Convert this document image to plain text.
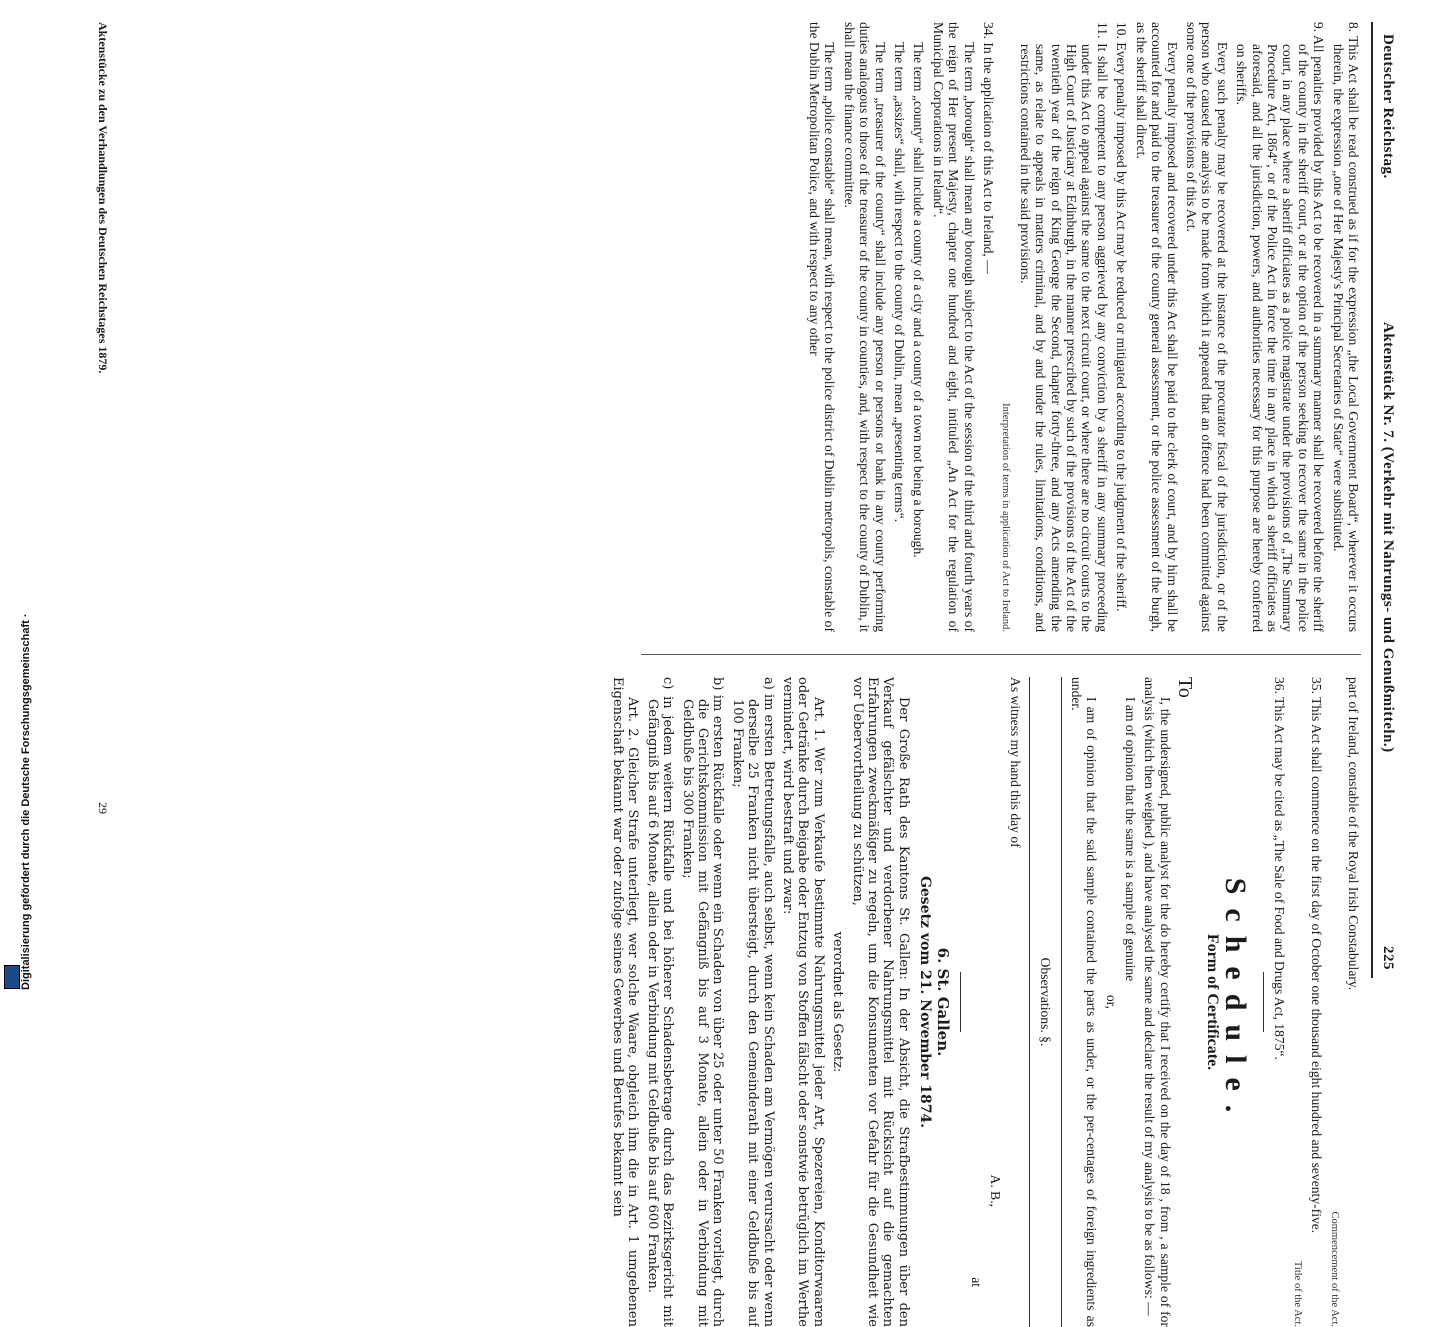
Digitalisierung gefördert durch die Deutsche Forschungsgemeinschaft ·
Deutscher Reichstag.
Aktenstück Nr. 7. (Verkehr mit Nahrungs- und Genußmitteln.)
225

8. This Act shall be read construed as if for the expression „the Local Government Board“, wherever it occurs therein, the expression „one of Her Majesty's Principal Secretaries of State“ were substituted.

9. All penalties provided by this Act to be recovered in a summary manner shall be recovered before the sheriff of the county in the sheriff court, or at the option of the person seeking to recover the same in the police court, in any place where a sheriff officiates as a police magistrate under the provisions of „The Summary Procedure Act, 1864“, or of the Police Act in force the time in any place in which a sheriff officiates as aforesaid, and all the jurisdiction, powers, and authorities necessary for this purpose are hereby conferred on sheriffs.

Every such penalty may be recovered at the instance of the procurator fiscal of the jurisdiction, or of the person who caused the analysis to be made from which it appeared that an offence had been committed against some one of the provisions of this Act.

Every penalty imposed and recovered under this Act shall be paid to the clerk of court, and by him shall be accounted for and paid to the treasurer of the county general assessment, or the police assessment of the burgh, as the sheriff shall direct.

10. Every penalty imposed by this Act may be reduced or mitigated according to the judgment of the sheriff.

11. It shall be competent to any person aggrieved by any conviction by a sheriff in any summary proceeding under this Act to appeal against the same to the next circuit court, or where there are no circuit courts to the High Court of Justiciary at Edinburgh, in the manner prescribed by such of the provisions of the Act of the twentieth year of the reign of King George the Second, chapter forty-three, and any Acts amending the same, as relate to appeals in matters criminal, and by and under the rules, limitations, conditions, and restrictions contained in the said provisions.

Interpretation of terms in application of Act to Ireland.

34. In the application of this Act to Ireland, —

The term „borough“ shall mean any borough subject to the Act of the session of the third and fourth years of the reign of Her present Majesty, chapter one hundred and eight, intituled „An Act for the regulation of Municipal Corporations in Ireland“.

The term „county“ shall include a county of a city and a county of a town not being a borough.

The term „assizes“ shall, with respect to the county of Dublin, mean „presenting terms“.

The term „treasurer of the county“ shall include any person or persons or bank in any county performing duties analogous to those of the treasurer of the county in counties, and, with respect to the county of Dublin, it shall mean the finance committee.

The term „police constable“ shall mean, with respect to the police district of Dublin metropolis, constable of the Dublin Metropolitan Police, and with respect to any other

part of Ireland, constable of the Royal Irish Constabulary.

Commencement of the Act.

35. This Act shall commence on the first day of October one thousand eight hundred and seventy-five.

Title of the Act.

36. This Act may be cited as „The Sale of Food and Drugs Act, 1875“.

Schedule.
Form of Certificate.

To

I, the undersigned, public analyst for the do hereby certify that I received on the day of 18 , from , a sample of for analysis (which then weighed ), and have analysed the same and declare the result of my analysis to be as follows: —

I am of opinion that the same is a sample of genuine

or,

I am of opinion that the said sample contained the parts as under, or the per-centages of foreign ingredients as under.

Observations. §.

As witness my hand this day of

A. B.,

at

6. St. Gallen.
Gesetz vom 21. November 1874.

Der Große Rath des Kantons St. Gallen: In der Absicht, die Strafbestimmungen über den Verkauf gefälschter und verdorbener Nahrungsmittel mit Rücksicht auf die gemachten Erfahrungen zweckmäßiger zu regeln, um die Konsumenten vor Gefahr für die Gesundheit wie vor Uebervortheilung zu schützen,

verordnet als Gesetz:

Art. 1. Wer zum Verkaufe bestimmte Nahrungsmittel jeder Art, Spezereien, Konditorwaaren oder Getränke durch Beigabe oder Entzug von Stoffen fälscht oder sonstwie betrüglich im Werthe vermindert, wird bestraft und zwar:

a) im ersten Betretungsfalle, auch selbst, wenn kein Schaden am Vermögen verursacht oder wenn derselbe 25 Franken nicht übersteigt, durch den Gemeinderath mit einer Geldbuße bis auf 100 Franken;

b) im ersten Rückfalle oder wenn ein Schaden von über 25 oder unter 50 Franken vorliegt, durch die Gerichtskommission mit Gefängniß bis auf 3 Monate, allein oder in Verbindung mit Geldbuße bis 300 Franken;

c) in jedem weitern Rückfalle und bei höherer Schadensbetrage durch das Bezirksgericht mit Gefängniß bis auf 6 Monate, allein oder in Verbindung mit Geldbuße bis auf 600 Franken.

Art. 2. Gleicher Strafe unterliegt, wer solche Waare, obgleich ihm die in Art. 1 umgebenen Eigenschaft bekannt war oder zufolge seines Gewerbes und Berufes bekannt sein

Aktenstücke zu den Verhandlungen des Deutschen Reichstages 1879.
29
